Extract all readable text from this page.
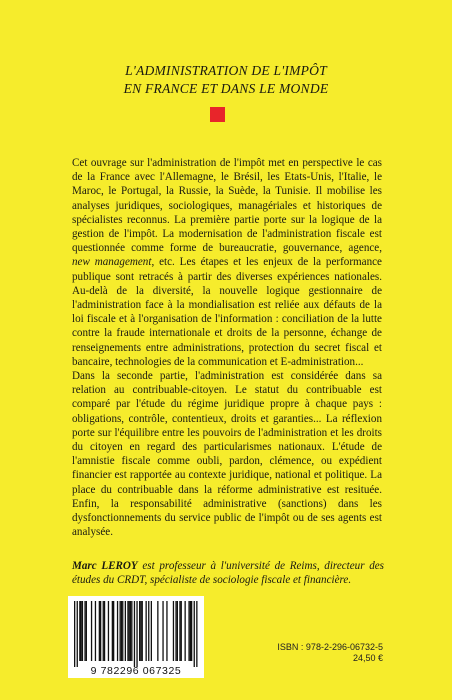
L'ADMINISTRATION DE L'IMPÔT
EN FRANCE ET DANS LE MONDE

Cet ouvrage sur l'administration de l'impôt met en perspective le cas de la France avec l'Allemagne, le Brésil, les Etats-Unis, l'Italie, le Maroc, le Portugal, la Russie, la Suède, la Tunisie. Il mobilise les analyses juridiques, sociologiques, managériales et historiques de spécialistes reconnus. La première partie porte sur la logique de la gestion de l'impôt. La modernisation de l'administration fiscale est questionnée comme forme de bureaucratie, gouvernance, agence, new management, etc. Les étapes et les enjeux de la performance publique sont retracés à partir des diverses expériences nationales. Au-delà de la diversité, la nouvelle logique gestionnaire de l'administration face à la mondialisation est reliée aux défauts de la loi fiscale et à l'organisation de l'information : conciliation de la lutte contre la fraude internationale et droits de la personne, échange de renseignements entre administrations, protection du secret fiscal et bancaire, technologies de la communication et E-administration...

Dans la seconde partie, l'administration est considérée dans sa relation au contribuable-citoyen. Le statut du contribuable est comparé par l'étude du régime juridique propre à chaque pays : obligations, contrôle, contentieux, droits et garanties... La réflexion porte sur l'équilibre entre les pouvoirs de l'administration et les droits du citoyen en regard des particularismes nationaux. L'étude de l'amnistie fiscale comme oubli, pardon, clémence, ou expédient financier est rapportée au contexte juridique, national et politique. La place du contribuable dans la réforme administrative est resituée. Enfin, la responsabilité administrative (sanctions) dans les dysfonctionnements du service public de l'impôt ou de ses agents est analysée.

Marc LEROY est professeur à l'université de Reims, directeur des études du CRDT, spécialiste de sociologie fiscale et financière.
9 782296 067325
ISBN : 978-2-296-06732-5
24,50 €
